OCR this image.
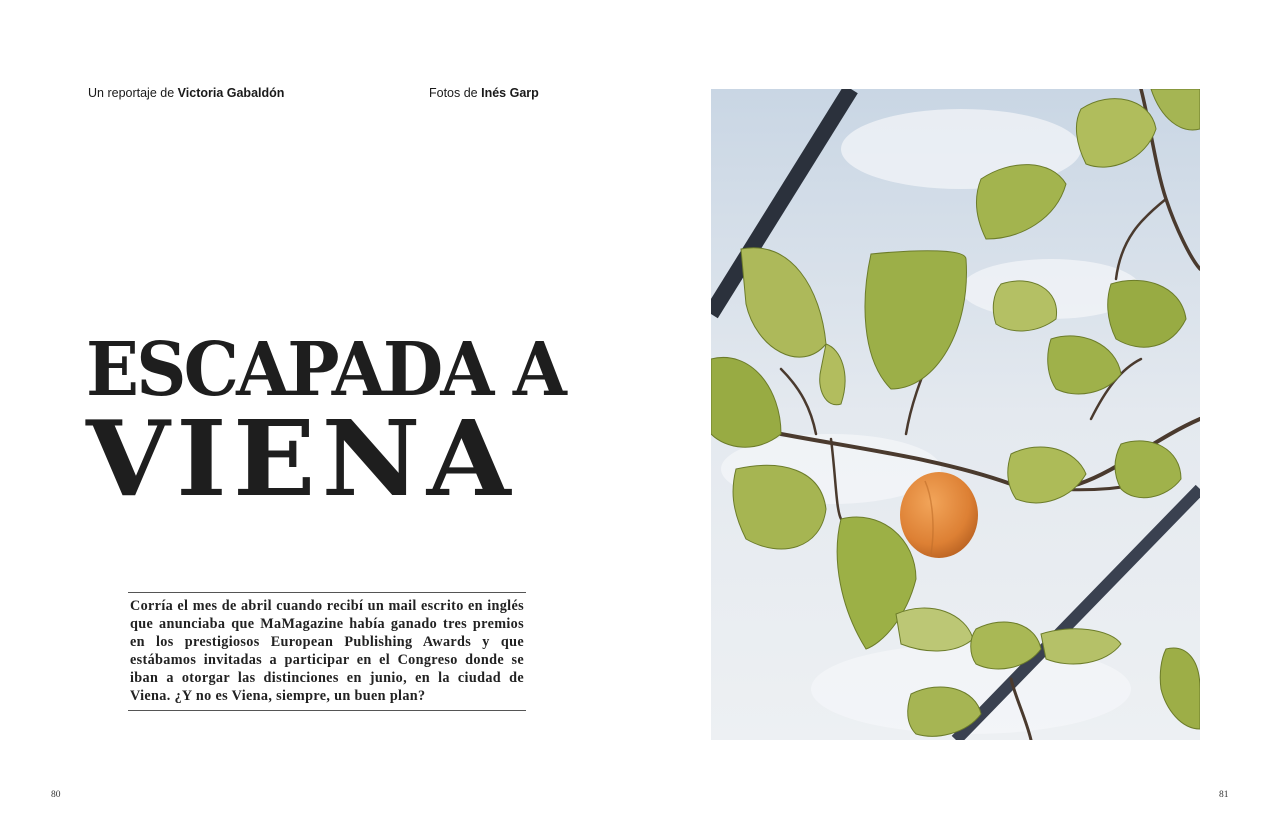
Un reportaje de Victoria Gabaldón	Fotos de Inés Garp
ESCAPADA A
VIENA

Corría el mes de abril cuando recibí un mail escrito en inglés que anunciaba que MaMagazine había ganado tres premios en los prestigiosos European Publishing Awards y que estábamos invitadas a participar en el Congreso donde se iban a otorgar las distinciones en junio, en la ciudad de Viena. ¿Y no es Viena, siempre, un buen plan?

80	81
